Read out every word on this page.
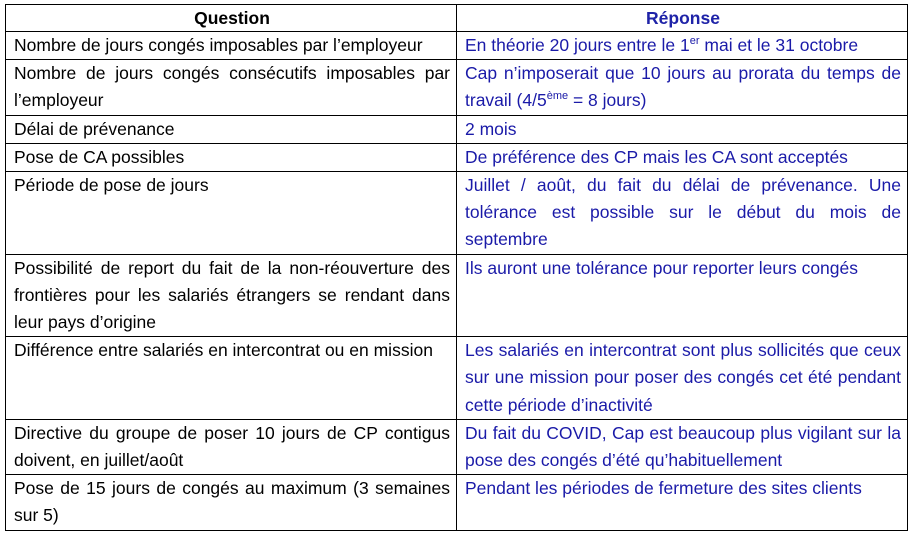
Question	Réponse
Nombre de jours congés imposables par l’employeur	En théorie 20 jours entre le 1er mai et le 31 octobre
Nombre de jours congés consécutifs imposables par l’employeur	Cap n’imposerait que 10 jours au prorata du temps de travail (4/5ème = 8 jours)
Délai de prévenance	2 mois
Pose de CA possibles	De préférence des CP mais les CA sont acceptés
Période de pose de jours	Juillet / août, du fait du délai de prévenance. Une tolérance est possible sur le début du mois de septembre
Possibilité de report du fait de la non-réouverture des frontières pour les salariés étrangers se rendant dans leur pays d’origine	Ils auront une tolérance pour reporter leurs congés
Différence entre salariés en intercontrat ou en mission	Les salariés en intercontrat sont plus sollicités que ceux sur une mission pour poser des congés cet été pendant cette période d’inactivité
Directive du groupe de poser 10 jours de CP contigus doivent, en juillet/août	Du fait du COVID, Cap est beaucoup plus vigilant sur la pose des congés d’été qu’habituellement
Pose de 15 jours de congés au maximum (3 semaines sur 5)	Pendant les périodes de fermeture des sites clients
